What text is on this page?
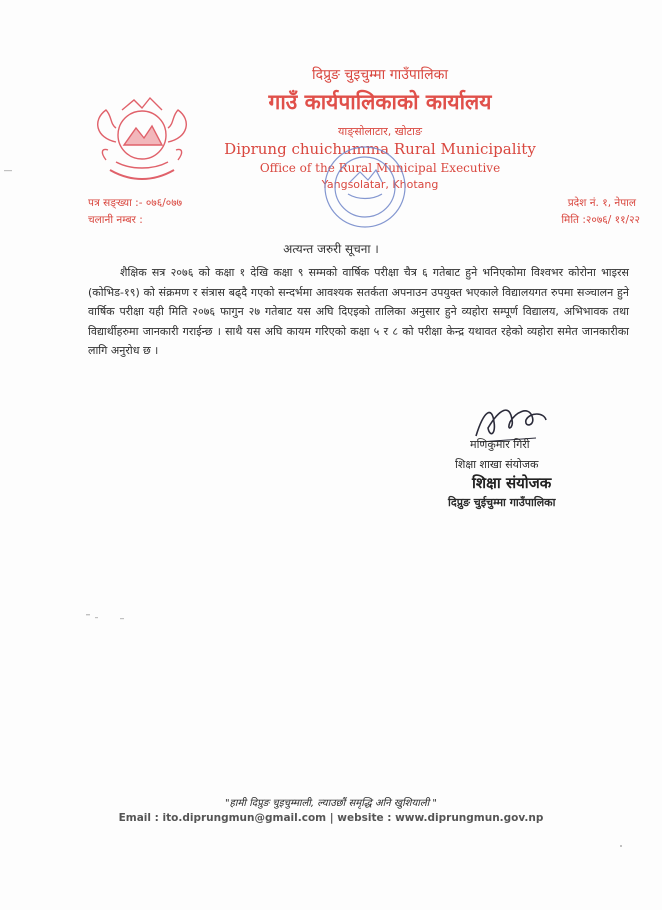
दिप्रुङ चुइचुम्मा गाउँपालिका
गाउँ कार्यपालिकाको कार्यालय
याङ्सोलाटार, खोटाङ
Diprung chuichumma Rural Municipality
Office of the Rural Municipal Executive
Yangsolatar, Khotang
पत्र सङ्ख्या :- ०७६/०७७
चलानी नम्बर :
प्रदेश नं. १, नेपाल
मिति :२०७६/ ११/२२
अत्यन्त जरुरी सूचना ।
शैक्षिक सत्र २०७६ को कक्षा १ देखि कक्षा ९ सम्मको वार्षिक परीक्षा चैत्र ६ गतेबाट हुने भनिएकोमा विश्वभर कोरोना भाइरस (कोभिड-१९) को संक्रमण र संत्रास बढ्दै गएको सन्दर्भमा आवश्यक सतर्कता अपनाउन उपयुक्त भएकाले विद्यालयगत रुपमा सञ्चालन हुने वार्षिक परीक्षा यही मिति २०७६ फागुन २७ गतेबाट यस अघि दिएइको तालिका अनुसार हुने व्यहोरा सम्पूर्ण विद्यालय, अभिभावक तथा विद्यार्थीहरुमा जानकारी गराईन्छ । साथै यस अघि कायम गरिएको कक्षा ५ र ८ को परीक्षा केन्द्र यथावत रहेको व्यहोरा समेत जानकारीका लागि अनुरोध छ ।
मणिकुमार गिरी
शिक्षा शाखा संयोजक
शिक्षा संयोजक
दिप्रुङ चुईचुम्मा गाउँपालिका
"हामी दिप्रुङ चुइचुम्माली, ल्याउछौं समृद्धि अनि खुशियाली "
Email : ito.diprungmun@gmail.com | website : www.diprungmun.gov.np
